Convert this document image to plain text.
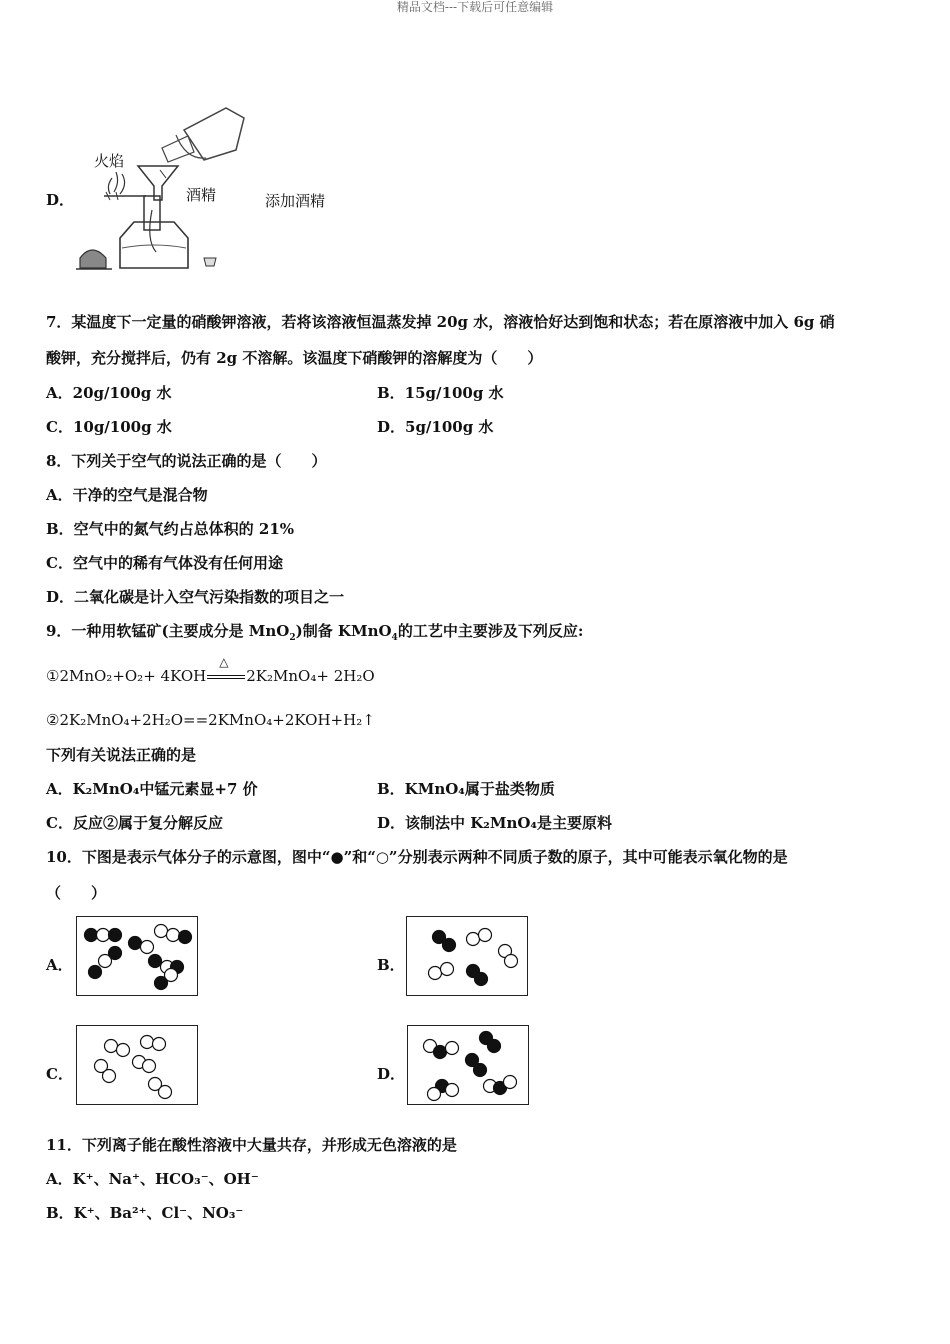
精品文档---下载后可任意编辑
D．
火焰
酒精	添加酒精
7．某温度下一定量的硝酸钾溶液，若将该溶液恒温蒸发掉 20g 水，溶液恰好达到饱和状态；若在原溶液中加入 6g 硝
酸钾，充分搅拌后，仍有 2g 不溶解。该温度下硝酸钾的溶解度为（　　）
A．20g/100g 水	B．15g/100g 水
C．10g/100g 水	D．5g/100g 水
8．下列关于空气的说法正确的是（　　）
A．干净的空气是混合物
B．空气中的氮气约占总体积的 21%
C．空气中的稀有气体没有任何用途
D．二氧化碳是计入空气污染指数的项目之一
9．一种用软锰矿(主要成分是 MnO$_2$)制备 KMnO$_4$的工艺中主要涉及下列反应:
①2MnO₂+O₂+ 4KOH
△
2K₂MnO₄+ 2H₂O
②2K₂MnO₄+2H₂O==2KMnO₄+2KOH+H₂↑
下列有关说法正确的是
A．K₂MnO₄中锰元素显+7 价	B．KMnO₄属于盐类物质
C．反应②属于复分解反应	D．该制法中 K₂MnO₄是主要原料
10．下图是表示气体分子的示意图，图中“●”和“○”分别表示两种不同质子数的原子，其中可能表示氧化物的是
（　　）
A．	B．
C．	D．
11．下列离子能在酸性溶液中大量共存，并形成无色溶液的是
A．K⁺、Na⁺、HCO₃⁻、OH⁻
B．K⁺、Ba²⁺、Cl⁻、NO₃⁻
